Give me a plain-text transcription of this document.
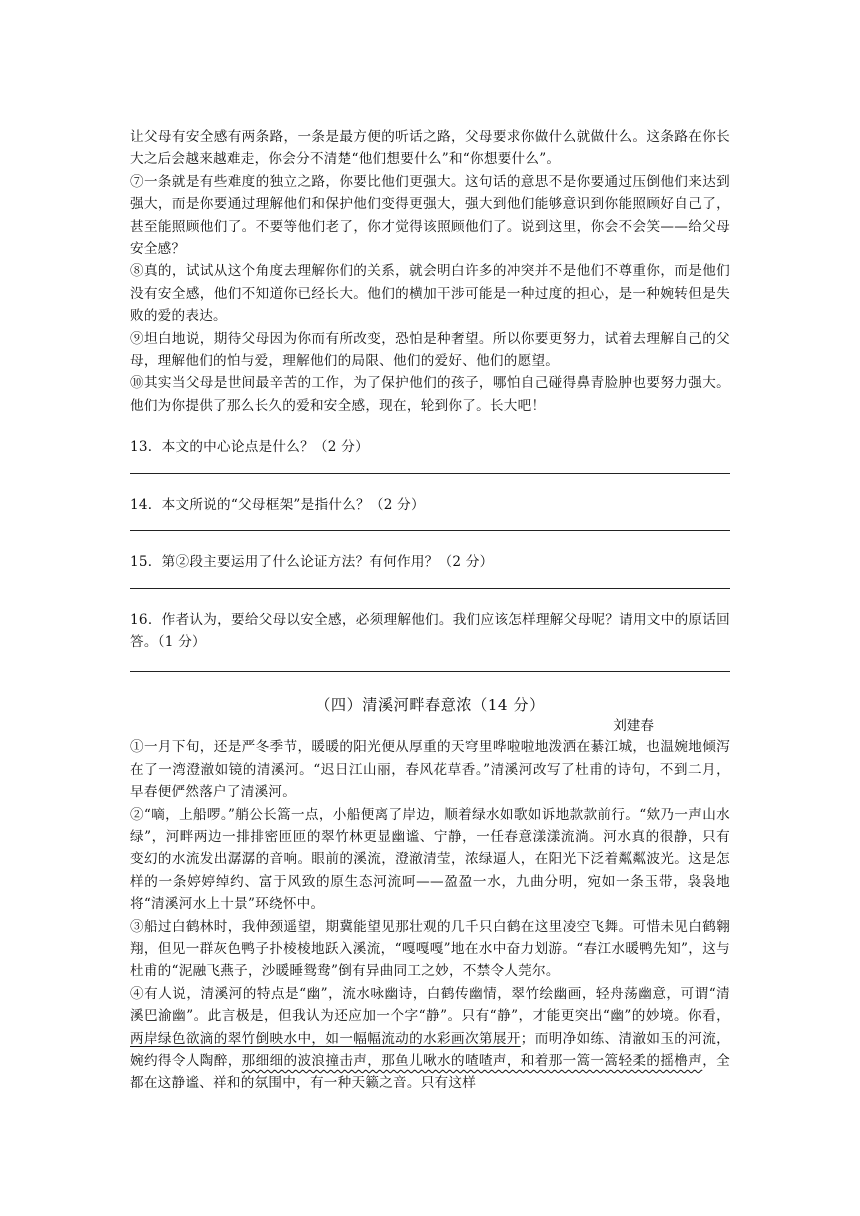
让父母有安全感有两条路，一条是最方便的听话之路，父母要求你做什么就做什么。这条路在你长大之后会越来越难走，你会分不清楚“他们想要什么”和“你想要什么”。

⑦一条就是有些难度的独立之路，你要比他们更强大。这句话的意思不是你要通过压倒他们来达到强大，而是你要通过理解他们和保护他们变得更强大，强大到他们能够意识到你能照顾好自己了，甚至能照顾他们了。不要等他们老了，你才觉得该照顾他们了。说到这里，你会不会笑——给父母安全感？

⑧真的，试试从这个角度去理解你们的关系，就会明白许多的冲突并不是他们不尊重你，而是他们没有安全感，他们不知道你已经长大。他们的横加干涉可能是一种过度的担心，是一种婉转但是失败的爱的表达。

⑨坦白地说，期待父母因为你而有所改变，恐怕是种奢望。所以你要更努力，试着去理解自己的父母，理解他们的怕与爱，理解他们的局限、他们的爱好、他们的愿望。

⑩其实当父母是世间最辛苦的工作，为了保护他们的孩子，哪怕自己碰得鼻青脸肿也要努力强大。他们为你提供了那么长久的爱和安全感，现在，轮到你了。长大吧！

13．本文的中心论点是什么？（2 分）

14．本文所说的“父母框架”是指什么？（2 分）

15．第②段主要运用了什么论证方法？有何作用？（2 分）

16．作者认为，要给父母以安全感，必须理解他们。我们应该怎样理解父母呢？请用文中的原话回答。（1 分）

（四）清溪河畔春意浓（14 分）
刘建春

①一月下旬，还是严冬季节，暖暖的阳光便从厚重的天穹里哗啦啦地泼洒在綦江城，也温婉地倾泻在了一湾澄澈如镜的清溪河。“迟日江山丽，春风花草香。”清溪河改写了杜甫的诗句，不到二月，早春便俨然落户了清溪河。

②“嘀，上船啰。”艄公长篙一点，小船便离了岸边，顺着绿水如歌如诉地款款前行。“欸乃一声山水绿”，河畔两边一排排密匝匝的翠竹林更显幽谧、宁静，一任春意漾漾流淌。河水真的很静，只有变幻的水流发出潺潺的音响。眼前的溪流，澄澈清莹，浓绿逼人，在阳光下泛着粼粼波光。这是怎样的一条婷婷绰约、富于风致的原生态河流呵——盈盈一水，九曲分明，宛如一条玉带，袅袅地将“清溪河水上十景”环绕怀中。

③船过白鹤林时，我伸颈遥望，期冀能望见那壮观的几千只白鹤在这里凌空飞舞。可惜未见白鹤翱翔，但见一群灰色鸭子扑棱棱地跃入溪流，“嘎嘎嘎”地在水中奋力划游。“春江水暖鸭先知”，这与杜甫的“泥融飞燕子，沙暖睡鸳鸯”倒有异曲同工之妙，不禁令人莞尔。

④有人说，清溪河的特点是“幽”，流水咏幽诗，白鹤传幽情，翠竹绘幽画，轻舟荡幽意，可谓“清溪巴渝幽”。此言极是，但我认为还应加一个字“静”。只有“静”，才能更突出“幽”的妙境。你看，两岸绿色欲滴的翠竹倒映水中，如一幅幅流动的水彩画次第展开；而明净如练、清澈如玉的河流，婉约得令人陶醉，那细细的波浪撞击声，那鱼儿啾水的喳喳声，和着那一篙一篙轻柔的摇橹声，全都在这静谧、祥和的氛围中，有一种天籁之音。只有这样
